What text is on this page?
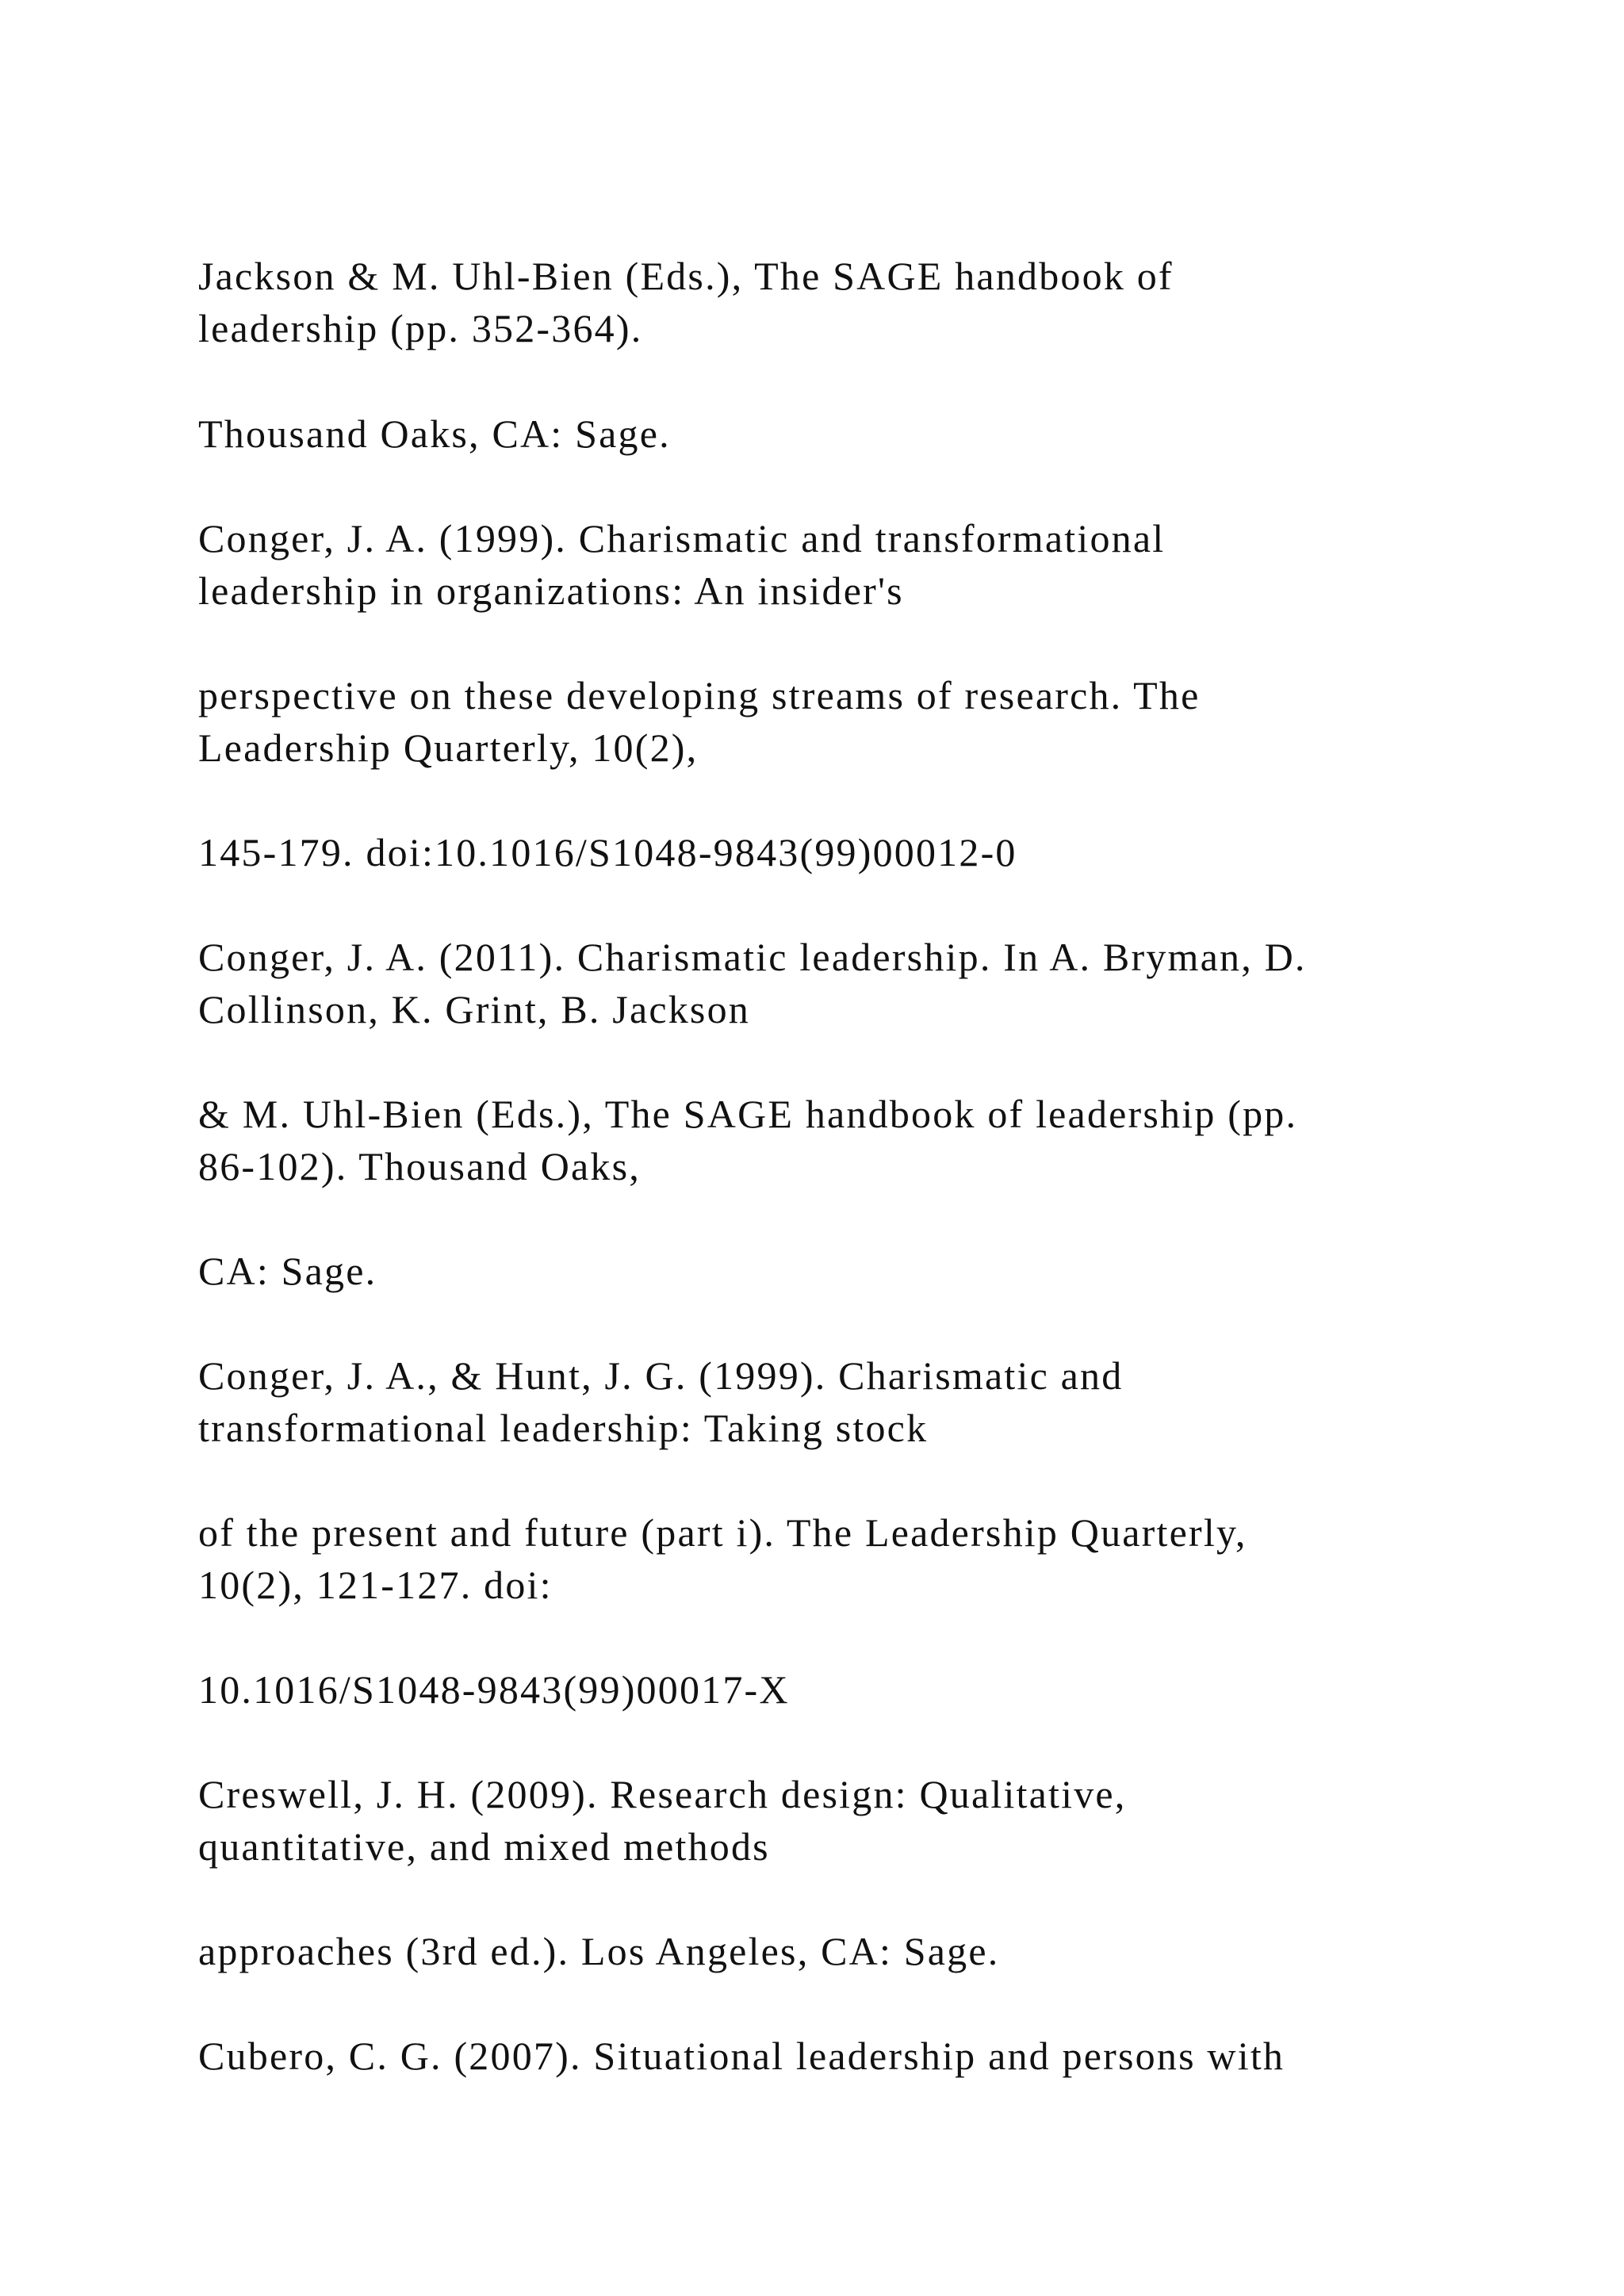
Jackson & M. Uhl-Bien (Eds.), The SAGE handbook of
leadership (pp. 352-364).

Thousand Oaks, CA: Sage.

Conger, J. A. (1999). Charismatic and transformational
leadership in organizations: An insider's

perspective on these developing streams of research. The
Leadership Quarterly, 10(2),

145-179. doi:10.1016/S1048-9843(99)00012-0

Conger, J. A. (2011). Charismatic leadership. In A. Bryman, D.
Collinson, K. Grint, B. Jackson

& M. Uhl-Bien (Eds.), The SAGE handbook of leadership (pp.
86-102). Thousand Oaks,

CA: Sage.

Conger, J. A., & Hunt, J. G. (1999). Charismatic and
transformational leadership: Taking stock

of the present and future (part i). The Leadership Quarterly,
10(2), 121-127. doi:

10.1016/S1048-9843(99)00017-X

Creswell, J. H. (2009). Research design: Qualitative,
quantitative, and mixed methods

approaches (3rd ed.). Los Angeles, CA: Sage.

Cubero, C. G. (2007). Situational leadership and persons with
